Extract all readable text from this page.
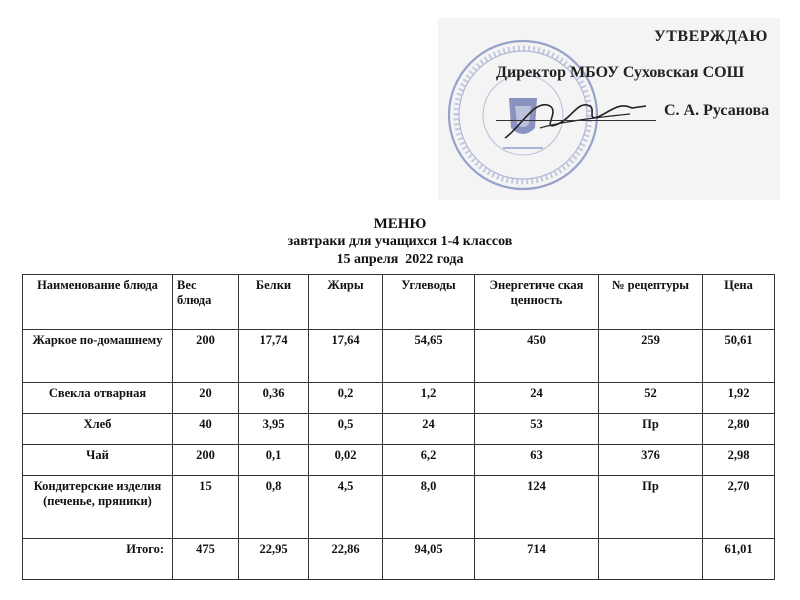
УТВЕРЖДАЮ
Директор МБОУ Суховская СОШ
С. А. Русанова
МЕНЮ
завтраки для учащихся 1-4 классов
15 апреля  2022 года
Наименование блюда	Вес блюда	Белки	Жиры	Углеводы	Энергетиче ская ценность	№ рецептуры	Цена
Жаркое по-домашнему	200	17,74	17,64	54,65	450	259	50,61
Свекла отварная	20	0,36	0,2	1,2	24	52	1,92
Хлеб	40	3,95	0,5	24	53	Пр	2,80
Чай	200	0,1	0,02	6,2	63	376	2,98
Кондитерские изделия (печенье, пряники)	15	0,8	4,5	8,0	124	Пр	2,70
Итого:	475	22,95	22,86	94,05	714		61,01
